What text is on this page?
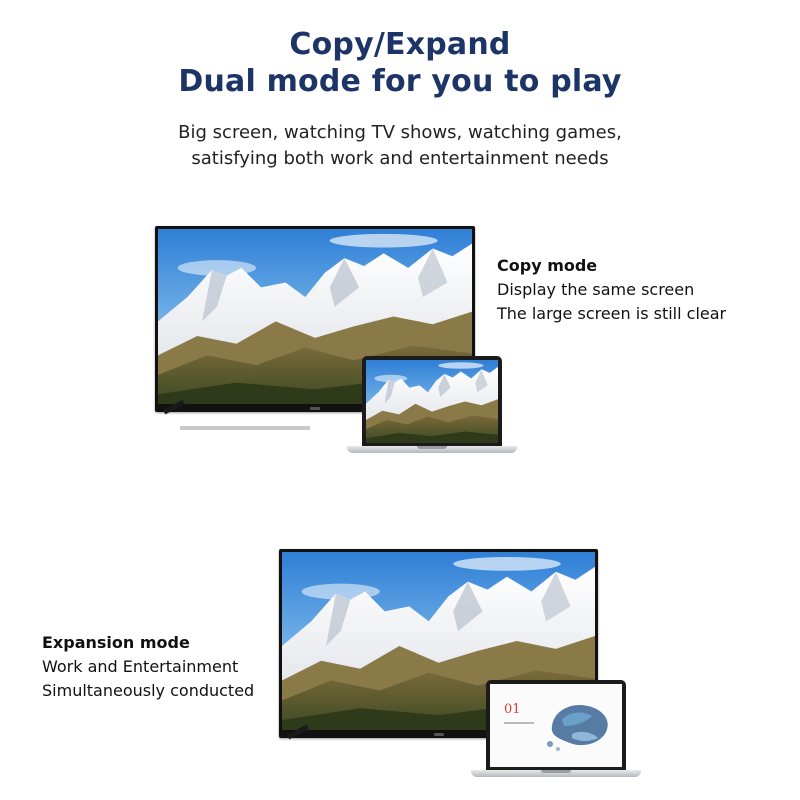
Copy/Expand
Dual mode for you to play
Big screen, watching TV shows, watching games,
satisfying both work and entertainment needs
Copy mode
Display the same screen
The large screen is still clear
01
Expansion mode
Work and Entertainment
Simultaneously conducted
